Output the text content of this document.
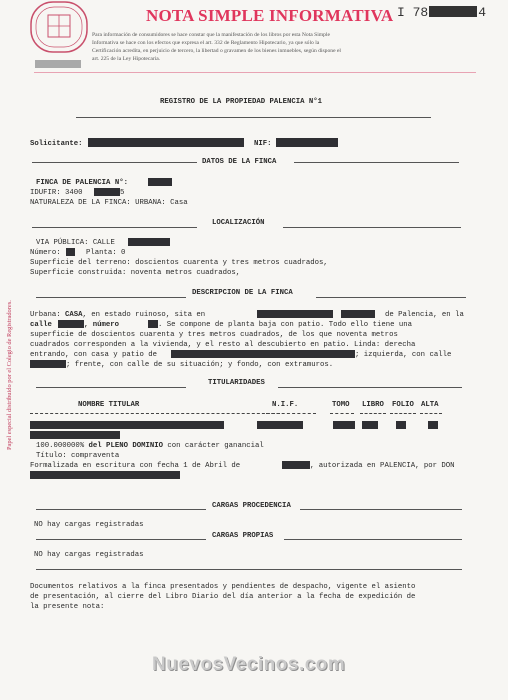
NOTA SIMPLE INFORMATIVA I 78	4
Para información de consumidores se hace constar que la manifestación de los libros por esta Nota Simple
Informativa se hace con los efectos que expresa el art. 332 de Reglamento Hipotecario, ya que sólo la
Certificación acredita, en perjuicio de tercero, la libertad o gravamen de los bienes inmuebles, según dispone el
art. 225 de la Ley Hipotecaria.
Papel especial distribuido por el Colegio de Registradores.
REGISTRO DE LA PROPIEDAD PALENCIA N°1
Solicitante:	NIF:
DATOS DE LA FINCA
FINCA DE PALENCIA N°:
IDUFIR: 3400	5
NATURALEZA DE LA FINCA: URBANA: Casa
LOCALIZACIÓN
VIA PÚBLICA: CALLE
Número:	Planta: 0
Superficie del terreno: doscientos cuarenta y tres metros cuadrados,
Superficie construida: noventa metros cuadrados,
DESCRIPCION DE LA FINCA
Urbana: CASA, en estado ruinoso, sita en	de Palencia, en la
calle	, número	. Se compone de planta baja con patio. Todo ello tiene una
superficie de doscientos cuarenta y tres metros cuadrados, de los que noventa metros
cuadrados corresponden a la vivienda, y el resto al descubierto en patio. Linda: derecha
entrando, con casa y patio de	; izquierda, con calle
; frente, con calle de su situación; y fondo, con extramuros.
TITULARIDADES
NOMBRE TITULAR	N.I.F.	TOMO LIBRO FOLIO ALTA
100.000000% del PLENO DOMINIO con carácter ganancial
Título: compraventa
Formalizada en escritura con fecha 1 de Abril de	, autorizada en PALENCIA, por DON
CARGAS PROCEDENCIA
NO hay cargas registradas
CARGAS PROPIAS
NO hay cargas registradas
Documentos relativos a la finca presentados y pendientes de despacho, vigente el asiento
de presentación, al cierre del Libro Diario del día anterior a la fecha de expedición de
la presente nota:
NuevosVecinos.com
